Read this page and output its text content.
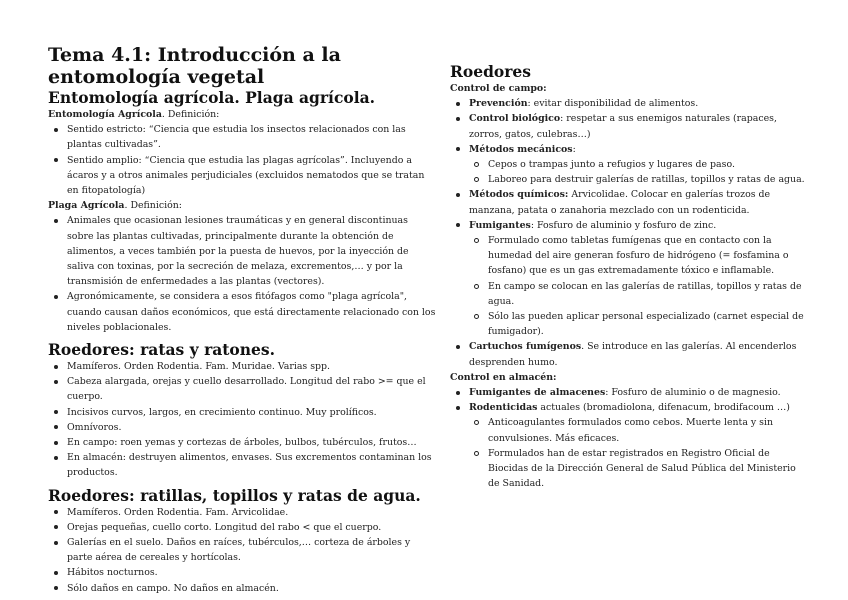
Tema 4.1: Introducción a la entomología vegetal
Entomología agrícola. Plaga agrícola.

Entomología Agrícola. Definición:

Sentido estricto: “Ciencia que estudia los insectos relacionados con las plantas cultivadas”.
Sentido amplio: “Ciencia que estudia las plagas agrícolas”. Incluyendo a ácaros y a otros animales perjudiciales (excluidos nematodos que se tratan en fitopatología)

Plaga Agrícola. Definición:

Animales que ocasionan lesiones traumáticas y en general discontinuas sobre las plantas cultivadas, principalmente durante la obtención de alimentos, a veces también por la puesta de huevos, por la inyección de saliva con toxinas, por la secreción de melaza, excrementos,… y por la transmisión de enfermedades a las plantas (vectores).
Agronómicamente, se considera a esos fitófagos como "plaga agrícola", cuando causan daños económicos, que está directamente relacionado con los niveles poblacionales.
Roedores: ratas y ratones.
Mamíferos. Orden Rodentia. Fam. Muridae. Varias spp.
Cabeza alargada, orejas y cuello desarrollado. Longitud del rabo >= que el cuerpo.
Incisivos curvos, largos, en crecimiento continuo. Muy prolíficos.
Omnívoros.
En campo: roen yemas y cortezas de árboles, bulbos, tubérculos, frutos…
En almacén: destruyen alimentos, envases. Sus excrementos contaminan los productos.
Roedores: ratillas, topillos y ratas de agua.
Mamíferos. Orden Rodentia. Fam. Arvicolidae.
Orejas pequeñas, cuello corto. Longitud del rabo < que el cuerpo.
Galerías en el suelo. Daños en raíces, tubérculos,… corteza de árboles y parte aérea de cereales y hortícolas.
Hábitos nocturnos.
Sólo daños en campo. No daños en almacén.
Roedores

Control de campo:

Prevención: evitar disponibilidad de alimentos.
Control biológico: respetar a sus enemigos naturales (rapaces, zorros, gatos, culebras…)
Métodos mecánicos:
Cepos o trampas junto a refugios y lugares de paso.
Laboreo para destruir galerías de ratillas, topillos y ratas de agua.
Métodos químicos: Arvicolidae. Colocar en galerías trozos de manzana, patata o zanahoria mezclado con un rodenticida.
Fumigantes: Fosfuro de aluminio y fosfuro de zinc.
Formulado como tabletas fumígenas que en contacto con la humedad del aire generan fosfuro de hidrógeno (= fosfamina o fosfano) que es un gas extremadamente tóxico e inflamable.
En campo se colocan en las galerías de ratillas, topillos y ratas de agua.
Sólo las pueden aplicar personal especializado (carnet especial de fumigador).
Cartuchos fumígenos. Se introduce en las galerías. Al encenderlos desprenden humo.

Control en almacén:

Fumigantes de almacenes: Fosfuro de aluminio o de magnesio.
Rodenticidas actuales (bromadiolona, difenacum, brodifacoum …)
Anticoagulantes formulados como cebos. Muerte lenta y sin convulsiones. Más eficaces.
Formulados han de estar registrados en Registro Oficial de Biocidas de la Dirección General de Salud Pública del Ministerio de Sanidad.
